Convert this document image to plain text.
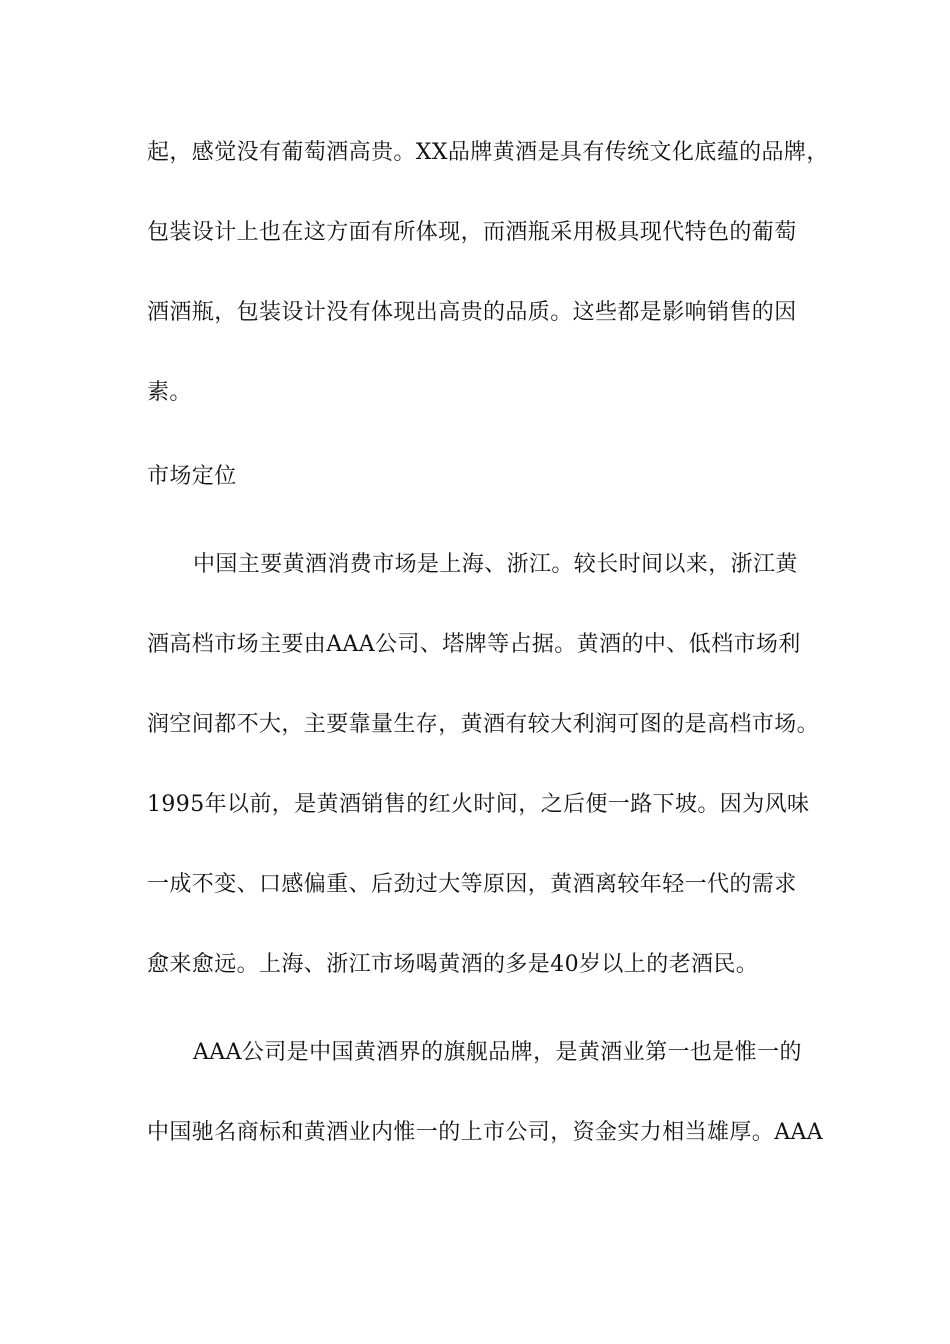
起，感觉没有葡萄酒高贵。XX品牌黄酒是具有传统文化底蕴的品牌，
包装设计上也在这方面有所体现，而酒瓶采用极具现代特色的葡萄
酒酒瓶，包装设计没有体现出高贵的品质。这些都是影响销售的因
素。
市场定位
中国主要黄酒消费市场是上海、浙江。较长时间以来，浙江黄
酒高档市场主要由AAA公司、塔牌等占据。黄酒的中、低档市场利
润空间都不大，主要靠量生存，黄酒有较大利润可图的是高档市场。
1995年以前，是黄酒销售的红火时间，之后便一路下坡。因为风味
一成不变、口感偏重、后劲过大等原因，黄酒离较年轻一代的需求
愈来愈远。上海、浙江市场喝黄酒的多是40岁以上的老酒民。
AAA公司是中国黄酒界的旗舰品牌，是黄酒业第一也是惟一的
中国驰名商标和黄酒业内惟一的上市公司，资金实力相当雄厚。AAA
